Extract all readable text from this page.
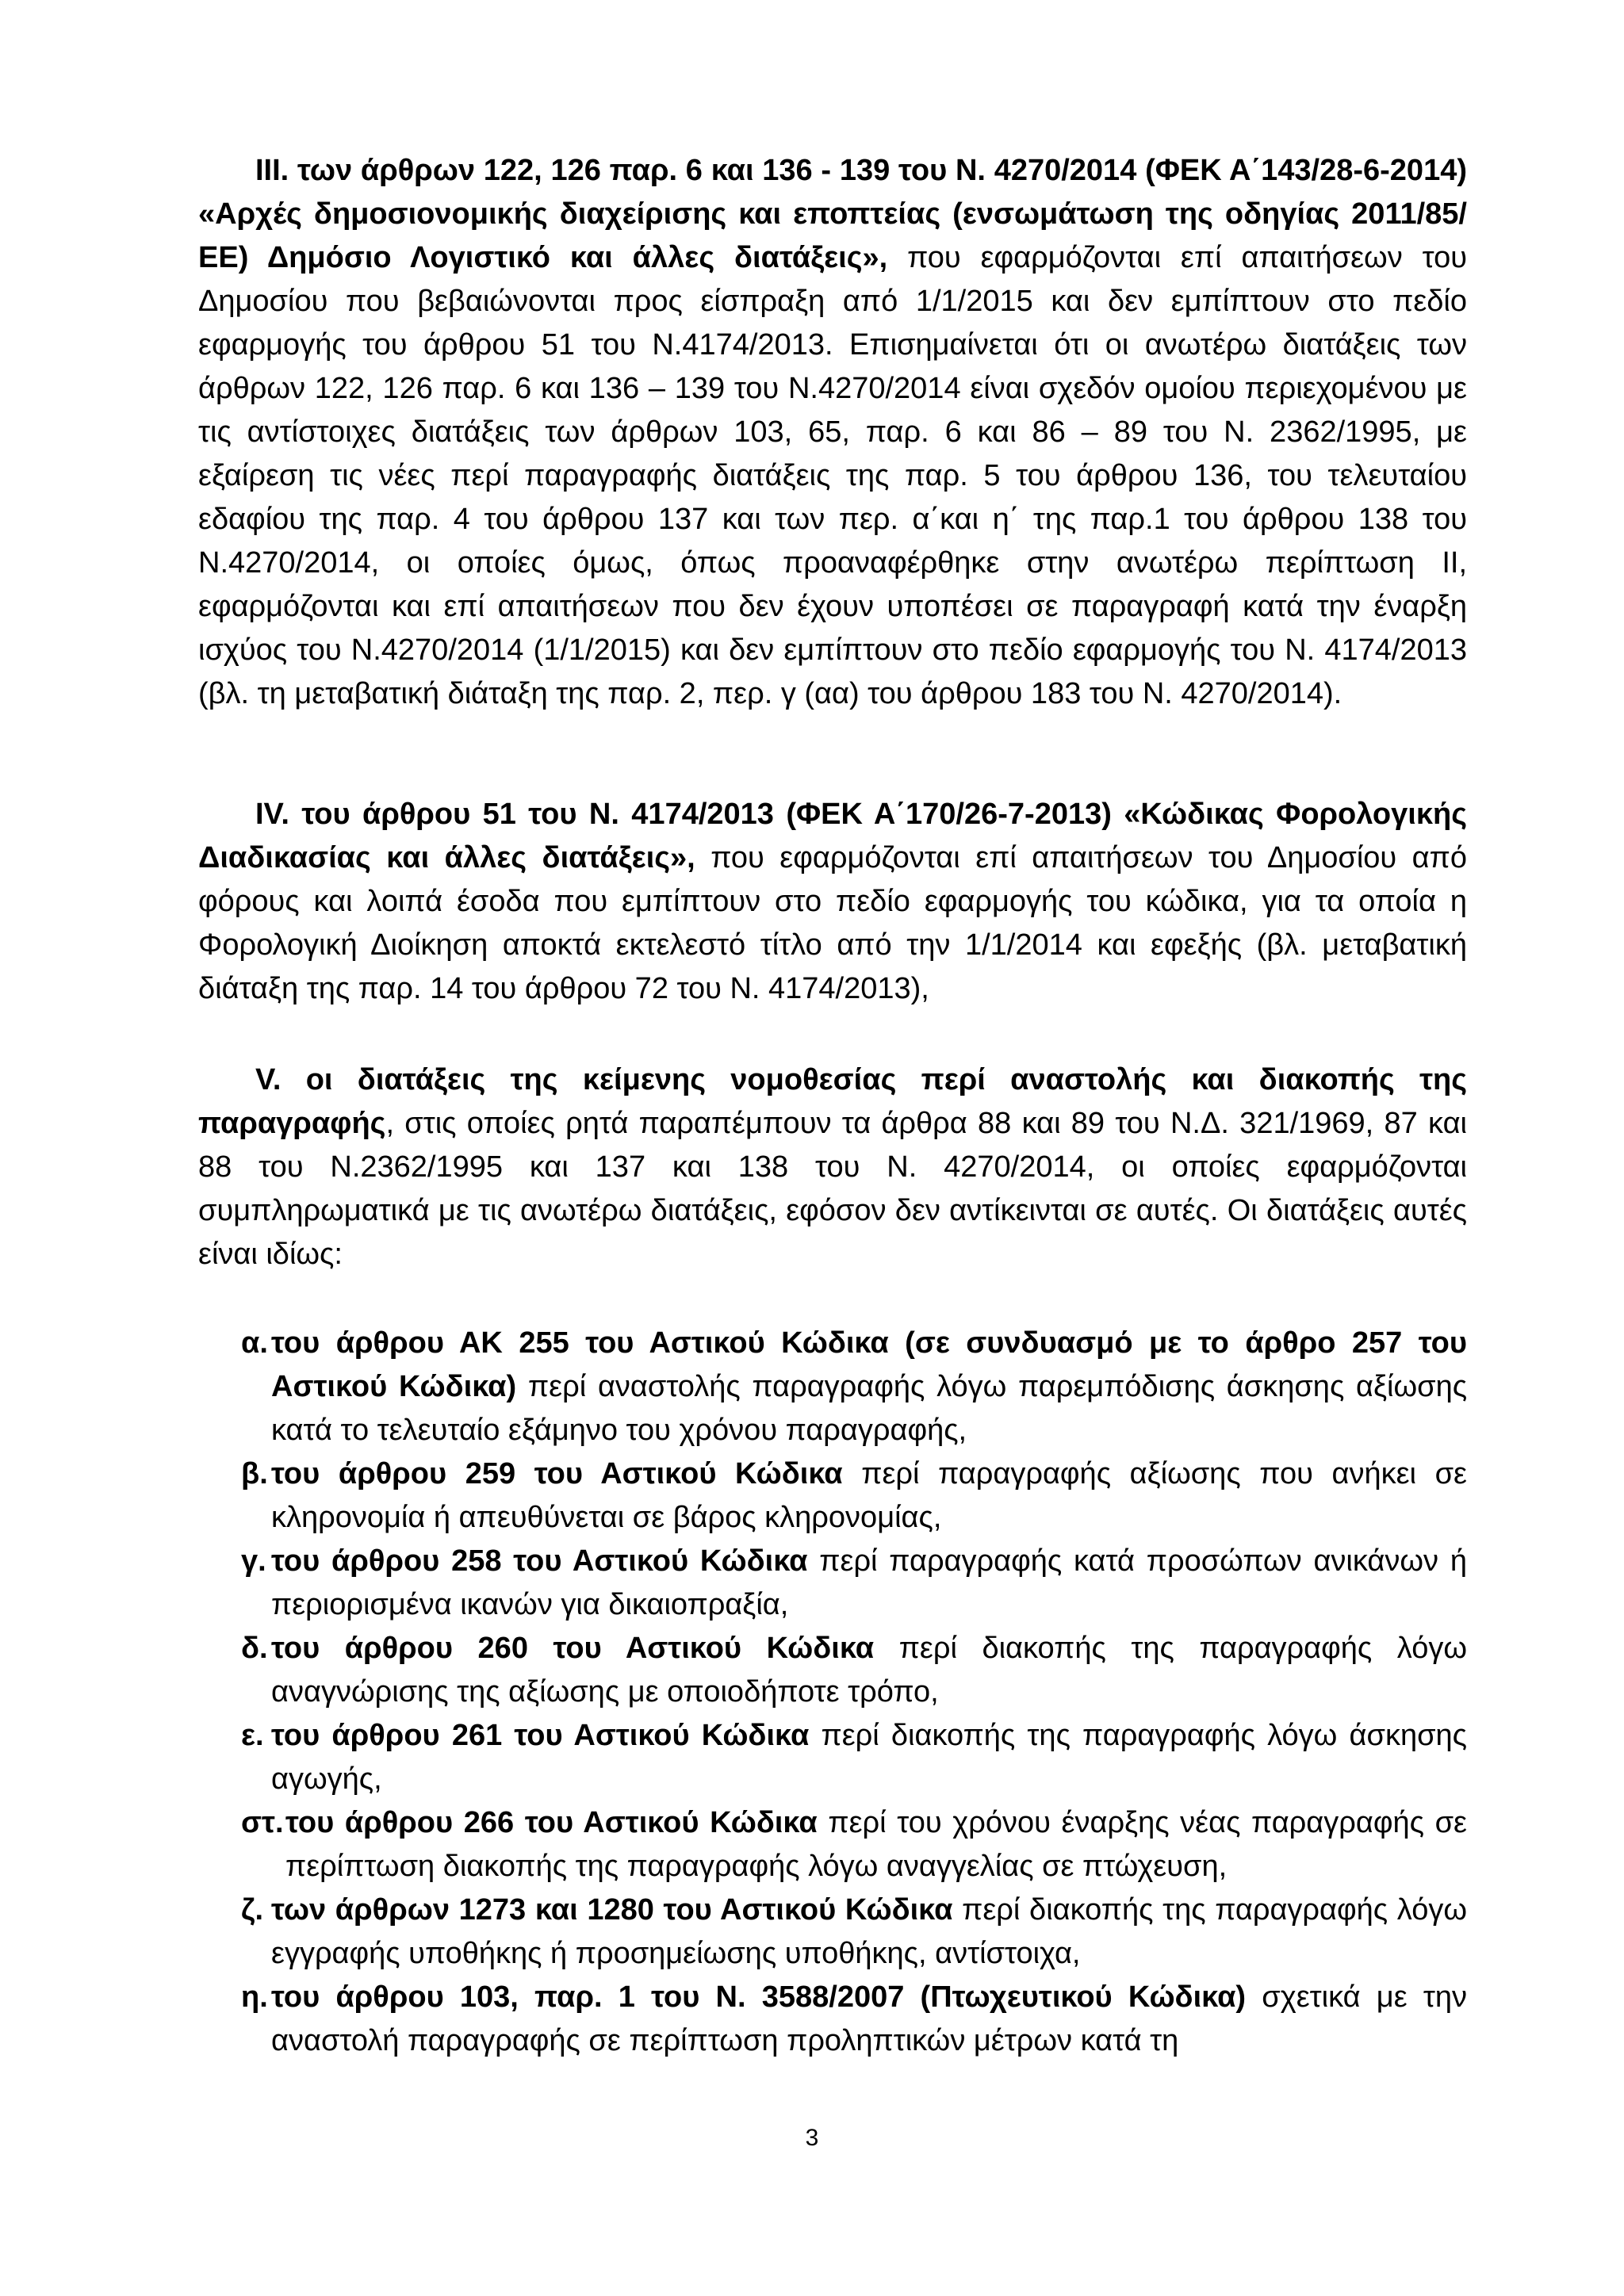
III. των άρθρων 122, 126 παρ. 6 και 136 - 139 του Ν. 4270/2014 (ΦΕΚ Α΄143/28-6-2014) «Αρχές δημοσιονομικής διαχείρισης και εποπτείας (ενσωμάτωση της οδηγίας 2011/85/ΕΕ) Δημόσιο Λογιστικό και άλλες διατάξεις», που εφαρμόζονται επί απαιτήσεων του Δημοσίου που βεβαιώνονται προς είσπραξη από 1/1/2015 και δεν εμπίπτουν στο πεδίο εφαρμογής του άρθρου 51 του Ν.4174/2013. Επισημαίνεται ότι οι ανωτέρω διατάξεις των άρθρων 122, 126 παρ. 6 και 136 – 139 του Ν.4270/2014 είναι σχεδόν ομοίου περιεχομένου με τις αντίστοιχες διατάξεις των άρθρων 103, 65, παρ. 6 και 86 – 89 του Ν. 2362/1995, με εξαίρεση τις νέες περί παραγραφής διατάξεις της παρ. 5 του άρθρου 136, του τελευταίου εδαφίου της παρ. 4 του άρθρου 137 και των περ. α΄και η΄ της παρ.1 του άρθρου 138 του Ν.4270/2014, οι οποίες όμως, όπως προαναφέρθηκε στην ανωτέρω περίπτωση ΙΙ, εφαρμόζονται και επί απαιτήσεων που δεν έχουν υποπέσει σε παραγραφή κατά την έναρξη ισχύος του Ν.4270/2014 (1/1/2015) και δεν εμπίπτουν στο πεδίο εφαρμογής του Ν. 4174/2013 (βλ. τη μεταβατική διάταξη της παρ. 2, περ. γ (αα) του άρθρου 183 του Ν. 4270/2014).

IV. του άρθρου 51 του Ν. 4174/2013 (ΦΕΚ Α΄170/26-7-2013) «Κώδικας Φορολογικής Διαδικασίας και άλλες διατάξεις», που εφαρμόζονται επί απαιτήσεων του Δημοσίου από φόρους και λοιπά έσοδα που εμπίπτουν στο πεδίο εφαρμογής του κώδικα, για τα οποία η Φορολογική Διοίκηση αποκτά εκτελεστό τίτλο από την 1/1/2014 και εφεξής (βλ. μεταβατική διάταξη της παρ. 14 του άρθρου 72 του Ν. 4174/2013),

V. οι διατάξεις της κείμενης νομοθεσίας περί αναστολής και διακοπής της παραγραφής, στις οποίες ρητά παραπέμπουν τα άρθρα 88 και 89 του Ν.Δ. 321/1969, 87 και 88 του Ν.2362/1995 και 137 και 138 του Ν. 4270/2014, οι οποίες εφαρμόζονται συμπληρωματικά με τις ανωτέρω διατάξεις, εφόσον δεν αντίκεινται σε αυτές. Οι διατάξεις αυτές είναι ιδίως:

α. του άρθρου ΑΚ 255 του Αστικού Κώδικα (σε συνδυασμό με το άρθρο 257 του Αστικού Κώδικα) περί αναστολής παραγραφής λόγω παρεμπόδισης άσκησης αξίωσης κατά το τελευταίο εξάμηνο του χρόνου παραγραφής,
β. του άρθρου 259 του Αστικού Κώδικα περί παραγραφής αξίωσης που ανήκει σε κληρονομία ή απευθύνεται σε βάρος κληρονομίας,
γ. του άρθρου 258 του Αστικού Κώδικα περί παραγραφής κατά προσώπων ανικάνων ή περιορισμένα ικανών για δικαιοπραξία,
δ. του άρθρου 260 του Αστικού Κώδικα περί διακοπής της παραγραφής λόγω αναγνώρισης της αξίωσης με οποιοδήποτε τρόπο,
ε. του άρθρου 261 του Αστικού Κώδικα περί διακοπής της παραγραφής λόγω άσκησης αγωγής,
στ. του άρθρου 266 του Αστικού Κώδικα περί του χρόνου έναρξης νέας παραγραφής σε περίπτωση διακοπής της παραγραφής λόγω αναγγελίας σε πτώχευση,
ζ. των άρθρων 1273 και 1280 του Αστικού Κώδικα περί διακοπής της παραγραφής λόγω εγγραφής υποθήκης ή προσημείωσης υποθήκης, αντίστοιχα,
η. του άρθρου 103, παρ. 1 του Ν. 3588/2007 (Πτωχευτικού Κώδικα) σχετικά με την αναστολή παραγραφής σε περίπτωση προληπτικών μέτρων κατά τη
3
